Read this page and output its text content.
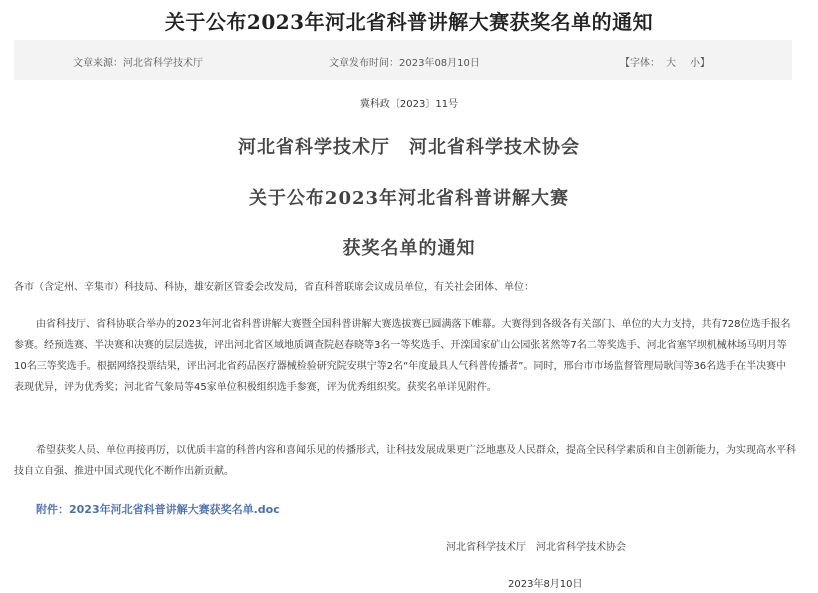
关于公布2023年河北省科普讲解大赛获奖名单的通知
文章来源：河北省科学技术厅	文章发布时间：2023年08月10日	【字体： 大 小】
冀科政〔2023〕11号
河北省科学技术厅　河北省科学技术协会
关于公布2023年河北省科普讲解大赛
获奖名单的通知

各市（含定州、辛集市）科技局、科协，雄安新区管委会改发局，省直科普联席会议成员单位，有关社会团体、单位：

由省科技厅、省科协联合举办的2023年河北省科普讲解大赛暨全国科普讲解大赛选拔赛已圆满落下帷幕。大赛得到各级各有关部门、单位的大力支持，共有728位选手报名参赛。经预选赛、半决赛和决赛的层层选拔，评出河北省区域地质调查院赵春晓等3名一等奖选手、开滦国家矿山公园张茗然等7名二等奖选手、河北省塞罕坝机械林场马明月等10名三等奖选手。根据网络投票结果，评出河北省药品医疗器械检验研究院安琪宁等2名“年度最具人气科普传播者”。同时，邢台市市场监督管理局耿闫等36名选手在半决赛中表现优异，评为优秀奖；河北省气象局等45家单位积极组织选手参赛，评为优秀组织奖。获奖名单详见附件。

希望获奖人员、单位再接再厉，以优质丰富的科普内容和喜闻乐见的传播形式，让科技发展成果更广泛地惠及人民群众，提高全民科学素质和自主创新能力，为实现高水平科技自立自强、推进中国式现代化不断作出新贡献。

附件：2023年河北省科普讲解大赛获奖名单.doc
河北省科学技术厅　河北省科学技术协会
2023年8月10日
